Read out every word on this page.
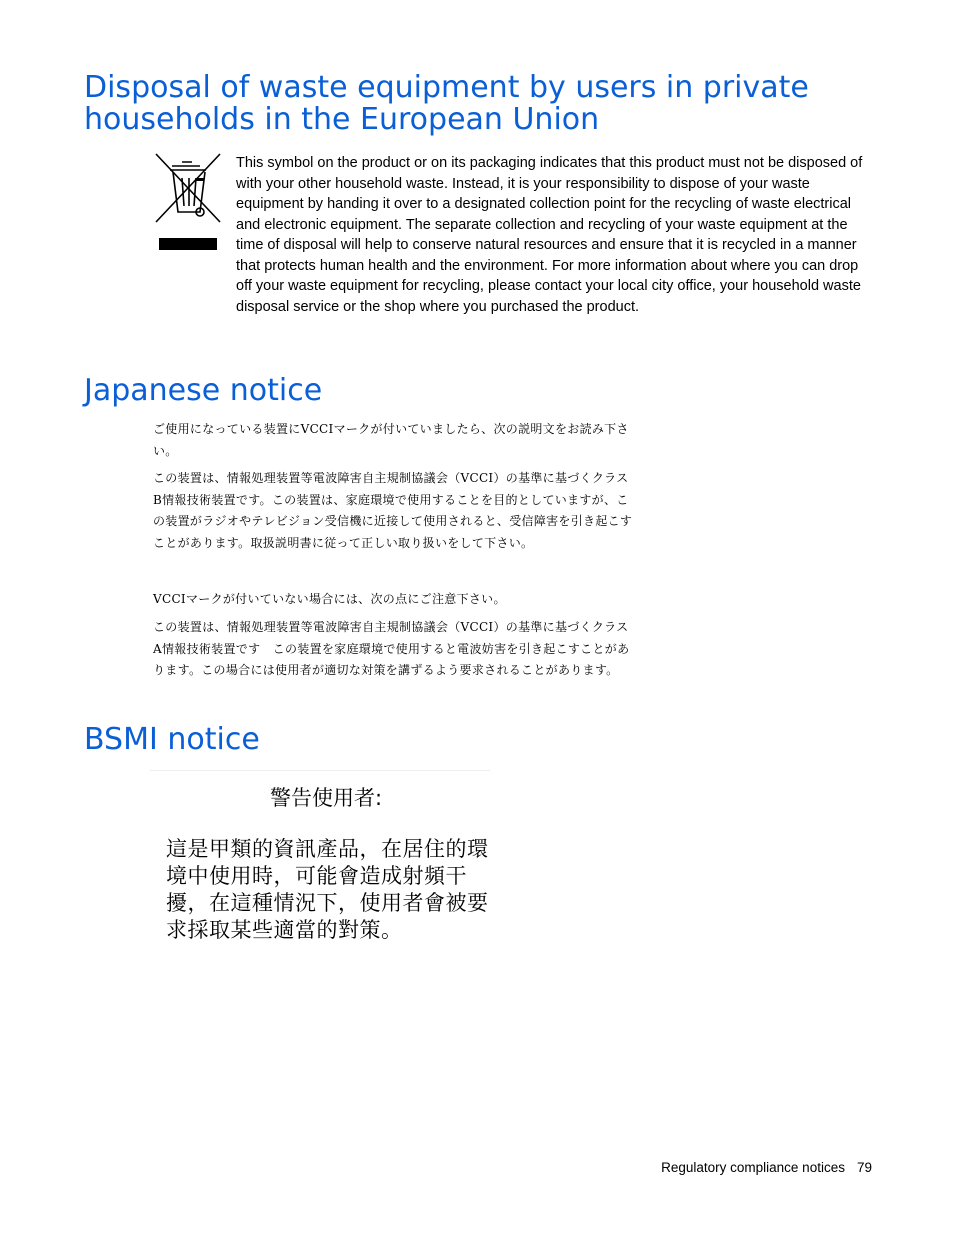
Disposal of waste equipment by users in private households in the European Union

This symbol on the product or on its packaging indicates that this product must not be disposed of with your other household waste. Instead, it is your responsibility to dispose of your waste equipment by handing it over to a designated collection point for the recycling of waste electrical and electronic equipment. The separate collection and recycling of your waste equipment at the time of disposal will help to conserve natural resources and ensure that it is recycled in a manner that protects human health and the environment. For more information about where you can drop off your waste equipment for recycling, please contact your local city office, your household waste disposal service or the shop where you purchased the product.

Japanese notice

ご使用になっている装置にVCCIマークが付いていましたら、次の説明文をお読み下さい。

この装置は、情報処理装置等電波障害自主規制協議会（VCCI）の基準に基づくクラスB情報技術装置です。この装置は、家庭環境で使用することを目的としていますが、この装置がラジオやテレビジョン受信機に近接して使用されると、受信障害を引き起こすことがあります。取扱説明書に従って正しい取り扱いをして下さい。

VCCIマークが付いていない場合には、次の点にご注意下さい。

この装置は、情報処理装置等電波障害自主規制協議会（VCCI）の基準に基づくクラスA情報技術装置です　この装置を家庭環境で使用すると電波妨害を引き起こすことがあります。この場合には使用者が適切な対策を講ずるよう要求されることがあります。

BSMI notice

警告使用者:

這是甲類的資訊產品，在居住的環境中使用時，可能會造成射頻干擾，在這種情況下，使用者會被要求採取某些適當的對策。

Regulatory compliance notices 79
